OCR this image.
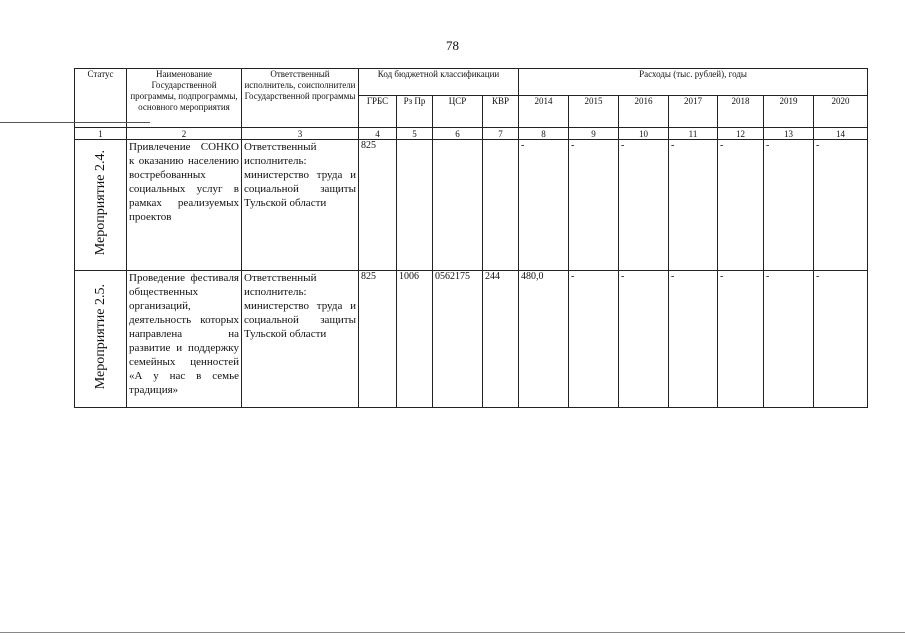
78
Статус	Наименование Государственной программы, подпрограммы, основного мероприятия	Ответственный исполнитель, соисполнители Государственной программы	Код бюджетной классификации				Расходы (тыс. рублей), годы						
			ГРБС	Рз Пр	ЦСР	КВР	2014	2015	2016	2017	2018	2019	2020
1	2	3	4	5	6	7	8	9	10	11	12	13	14
Мероприятие 2.4.	Привлечение СОНКО к оказанию населению востребованных социальных услуг в рамках реализуемых проектов	Ответственный исполнитель: министерство труда и социальной защиты Тульской области	825				-	-	-	-	-	-	-
Мероприятие 2.5.	Проведение фестиваля общественных организаций, деятельность которых направлена на развитие и поддержку семейных ценностей «А у нас в семье традиция»	Ответственный исполнитель: министерство труда и социальной защиты Тульской области	825	1006	0562175	244	480,0	-	-	-	-	-	-
